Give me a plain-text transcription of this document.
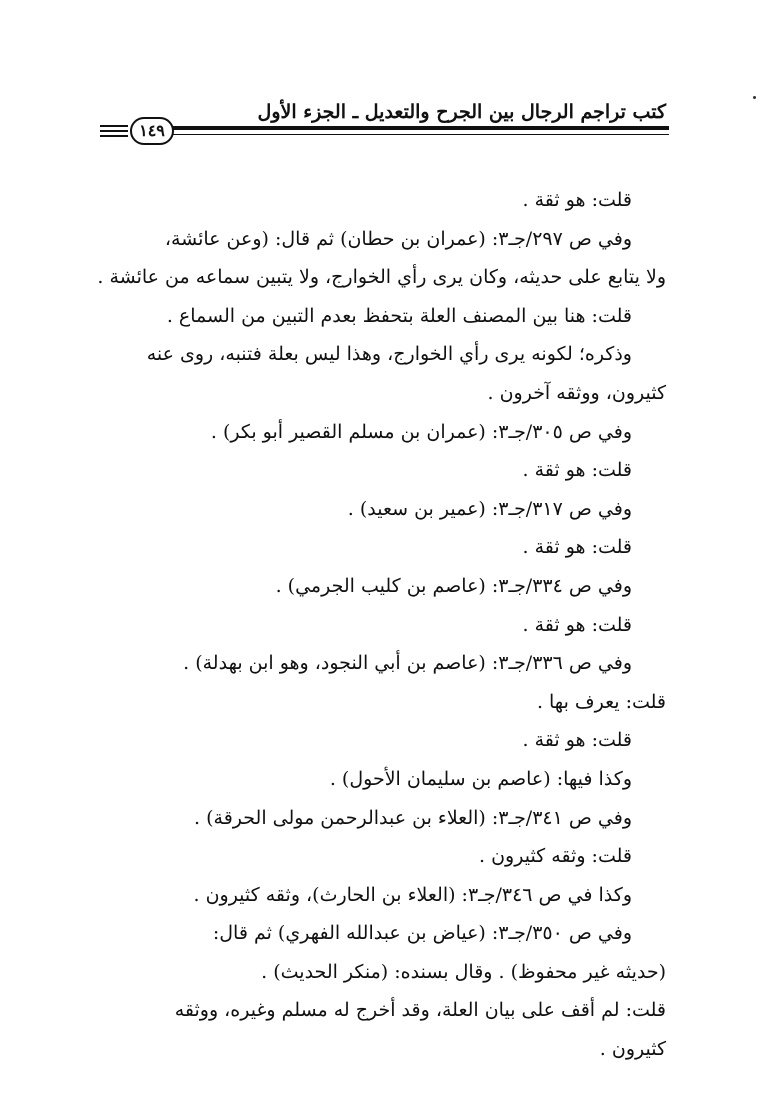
كتب تراجم الرجال بين الجرح والتعديل ـ الجزء الأول
١٤٩
قلت: هو ثقة .
وفي ص ٢٩٧/جـ٣: (عمران بن حطان) ثم قال: (وعن عائشة،
ولا يتابع على حديثه، وكان يرى رأي الخوارج، ولا يتبين سماعه من عائشة .
قلت: هنا بين المصنف العلة بتحفظ بعدم التبين من السماع .
وذكره؛ لكونه يرى رأي الخوارج، وهذا ليس بعلة فتنبه، روى عنه
كثيرون، ووثقه آخرون .
وفي ص ٣٠٥/جـ٣: (عمران بن مسلم القصير أبو بكر) .
قلت: هو ثقة .
وفي ص ٣١٧/جـ٣: (عمير بن سعيد) .
قلت: هو ثقة .
وفي ص ٣٣٤/جـ٣: (عاصم بن كليب الجرمي) .
قلت: هو ثقة .
وفي ص ٣٣٦/جـ٣: (عاصم بن أبي النجود، وهو ابن بهدلة) .
قلت: يعرف بها .
قلت: هو ثقة .
وكذا فيها: (عاصم بن سليمان الأحول) .
وفي ص ٣٤١/جـ٣: (العلاء بن عبدالرحمن مولى الحرقة) .
قلت: وثقه كثيرون .
وكذا في ص ٣٤٦/جـ٣: (العلاء بن الحارث)، وثقه كثيرون .
وفي ص ٣٥٠/جـ٣: (عياض بن عبدالله الفهري) ثم قال:
(حديثه غير محفوظ) . وقال بسنده: (منكر الحديث) .
قلت: لم أقف على بيان العلة، وقد أخرج له مسلم وغيره، ووثقه
كثيرون .
